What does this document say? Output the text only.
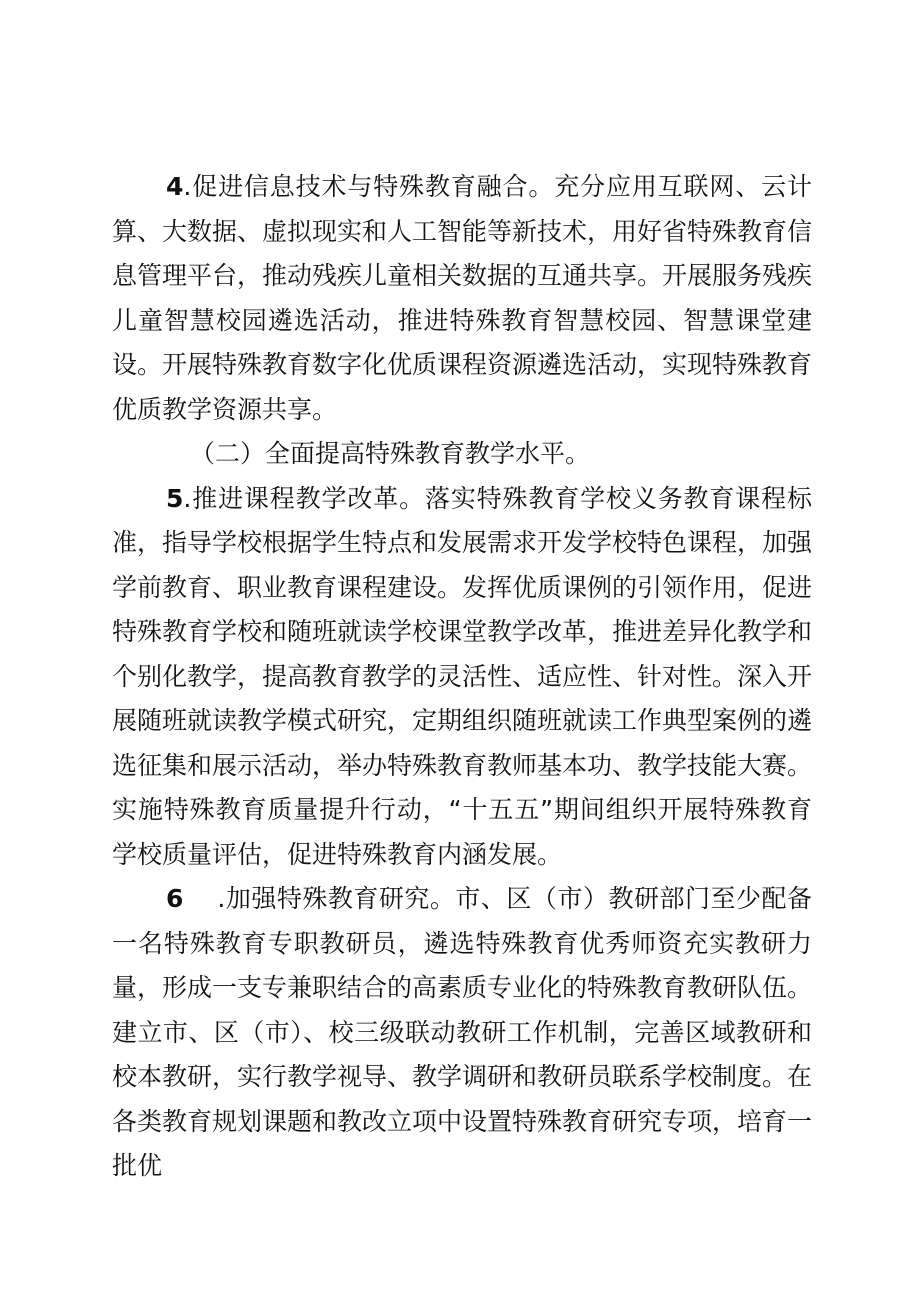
4.促进信息技术与特殊教育融合。充分应用互联网、云计算、大数据、虚拟现实和人工智能等新技术，用好省特殊教育信息管理平台，推动残疾儿童相关数据的互通共享。开展服务残疾儿童智慧校园遴选活动，推进特殊教育智慧校园、智慧课堂建设。开展特殊教育数字化优质课程资源遴选活动，实现特殊教育优质教学资源共享。

（二）全面提高特殊教育教学水平。

5.推进课程教学改革。落实特殊教育学校义务教育课程标准，指导学校根据学生特点和发展需求开发学校特色课程，加强学前教育、职业教育课程建设。发挥优质课例的引领作用，促进特殊教育学校和随班就读学校课堂教学改革，推进差异化教学和个别化教学，提高教育教学的灵活性、适应性、针对性。深入开展随班就读教学模式研究，定期组织随班就读工作典型案例的遴选征集和展示活动，举办特殊教育教师基本功、教学技能大赛。实施特殊教育质量提升行动，“十五五”期间组织开展特殊教育学校质量评估，促进特殊教育内涵发展。

6 .加强特殊教育研究。市、区（市）教研部门至少配备一名特殊教育专职教研员，遴选特殊教育优秀师资充实教研力量，形成一支专兼职结合的高素质专业化的特殊教育教研队伍。建立市、区（市）、校三级联动教研工作机制，完善区域教研和校本教研，实行教学视导、教学调研和教研员联系学校制度。在各类教育规划课题和教改立项中设置特殊教育研究专项，培育一批优
